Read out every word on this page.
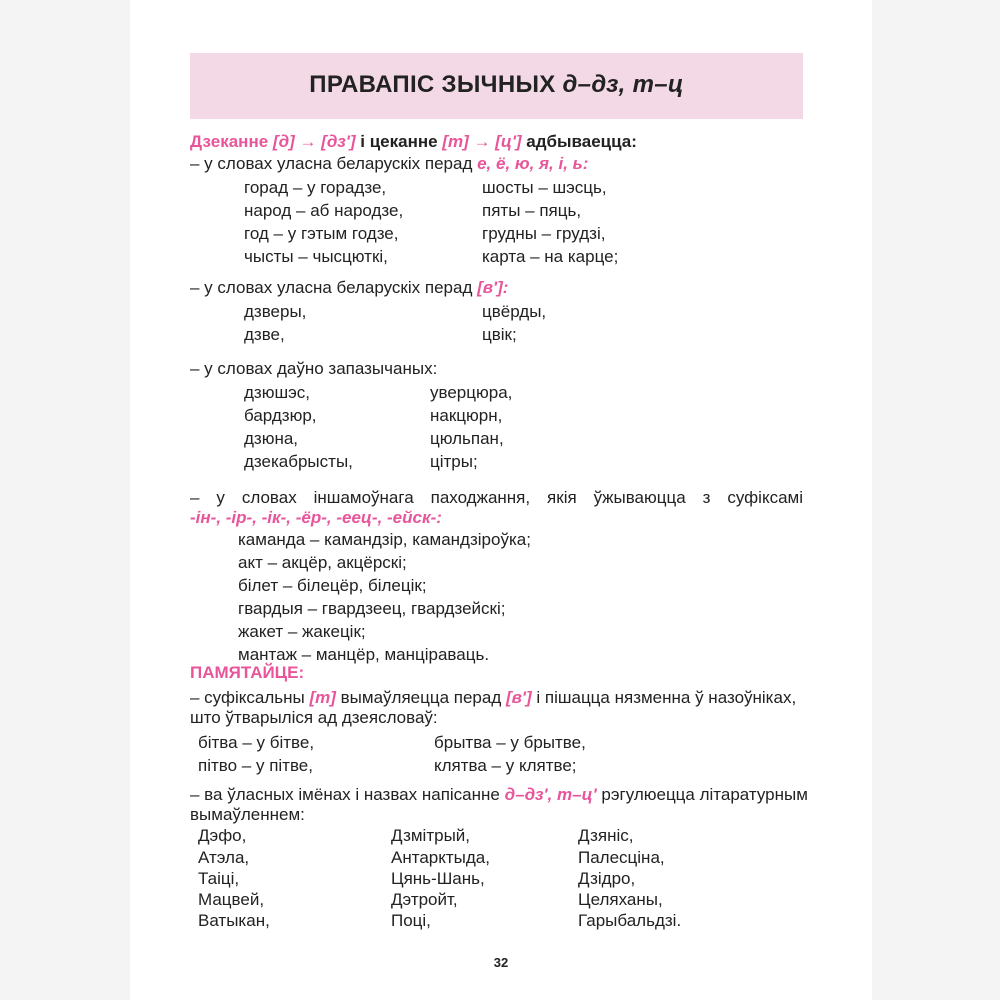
ПРАВАПІС ЗЫЧНЫХ д–дз, т–ц
Дзеканне [д] → [дз'] і цеканне [т] → [ц'] адбываецца:
– у словах уласна беларускіх перад е, ё, ю, я, і, ь:
горад – у горадзе,	шосты – шэсць,
народ – аб народзе,	пяты – пяць,
год – у гэтым годзе,	грудны – грудзі,
чысты – чысцюткі,	карта – на карце;
– у словах уласна беларускіх перад [в']:
дзверы,	цвёрды,
дзве,	цвік;
– у словах даўно запазычаных:
дзюшэс,	уверцюра,
бардзюр,	накцюрн,
дзюна,	цюльпан,
дзекабрысты,	цітры;
– у словах іншамоўнага паходжання, якія ўжываюцца з суфіксамі
-ін-, -ір-, -ік-, -ёр-, -еец-, -ейск-:
каманда – камандзір, камандзіроўка;
акт – акцёр, акцёрскі;
білет – білецёр, білецік;
гвардыя – гвардзеец, гвардзейскі;
жакет – жакецік;
мантаж – манцёр, манціраваць.
ПАМЯТАЙЦЕ:
– суфіксальны [т] вымаўляецца перад [в'] і пішацца нязменна ў назоўніках,
што ўтварыліся ад дзеясловаў:
бітва – у бітве,	брытва – у брытве,
пітво – у пітве,	клятва – у клятве;
– ва ўласных імёнах і назвах напісанне д–дз', т–ц' рэгулюецца літаратурным
вымаўленнем:
Дэфо,	Дзмітрый,	Дзяніс,
Атэла,	Антарктыда,	Палесціна,
Таіці,	Цянь-Шань,	Дзідро,
Мацвей,	Дэтройт,	Целяханы,
Ватыкан,	Поці,	Гарыбальдзі.
32
